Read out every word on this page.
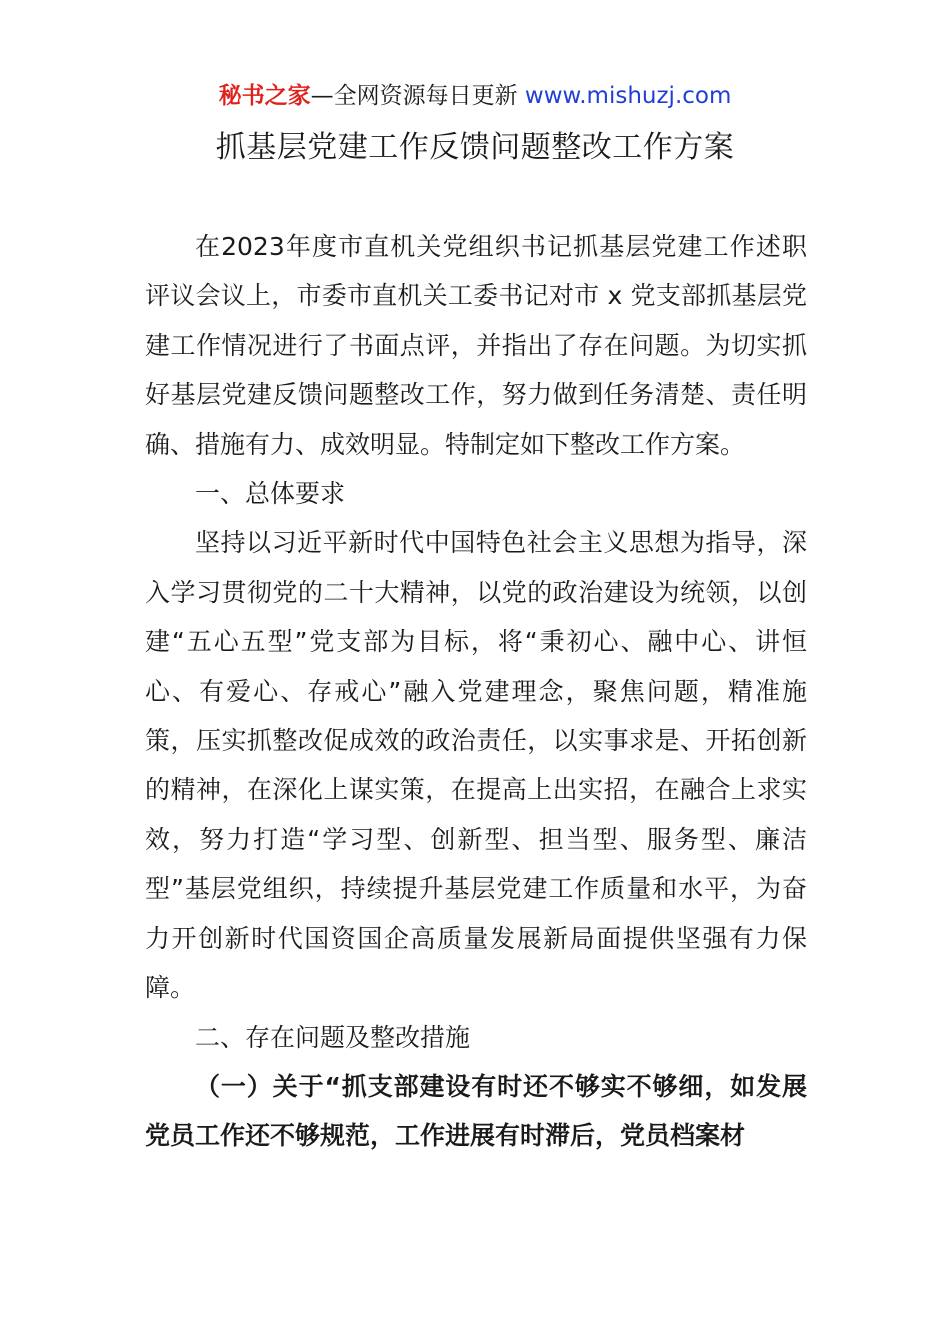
秘书之家—全网资源每日更新 www.mishuzj.com
抓基层党建工作反馈问题整改工作方案

在2023年度市直机关党组织书记抓基层党建工作述职评议会议上，市委市直机关工委书记对市 x 党支部抓基层党建工作情况进行了书面点评，并指出了存在问题。为切实抓好基层党建反馈问题整改工作，努力做到任务清楚、责任明确、措施有力、成效明显。特制定如下整改工作方案。

一、总体要求

坚持以习近平新时代中国特色社会主义思想为指导，深入学习贯彻党的二十大精神，以党的政治建设为统领，以创建“五心五型”党支部为目标，将“秉初心、融中心、讲恒心、有爱心、存戒心”融入党建理念，聚焦问题，精准施策，压实抓整改促成效的政治责任，以实事求是、开拓创新的精神，在深化上谋实策，在提高上出实招，在融合上求实效，努力打造“学习型、创新型、担当型、服务型、廉洁型”基层党组织，持续提升基层党建工作质量和水平，为奋力开创新时代国资国企高质量发展新局面提供坚强有力保障。

二、存在问题及整改措施

（一）关于“抓支部建设有时还不够实不够细，如发展党员工作还不够规范，工作进展有时滞后，党员档案材
